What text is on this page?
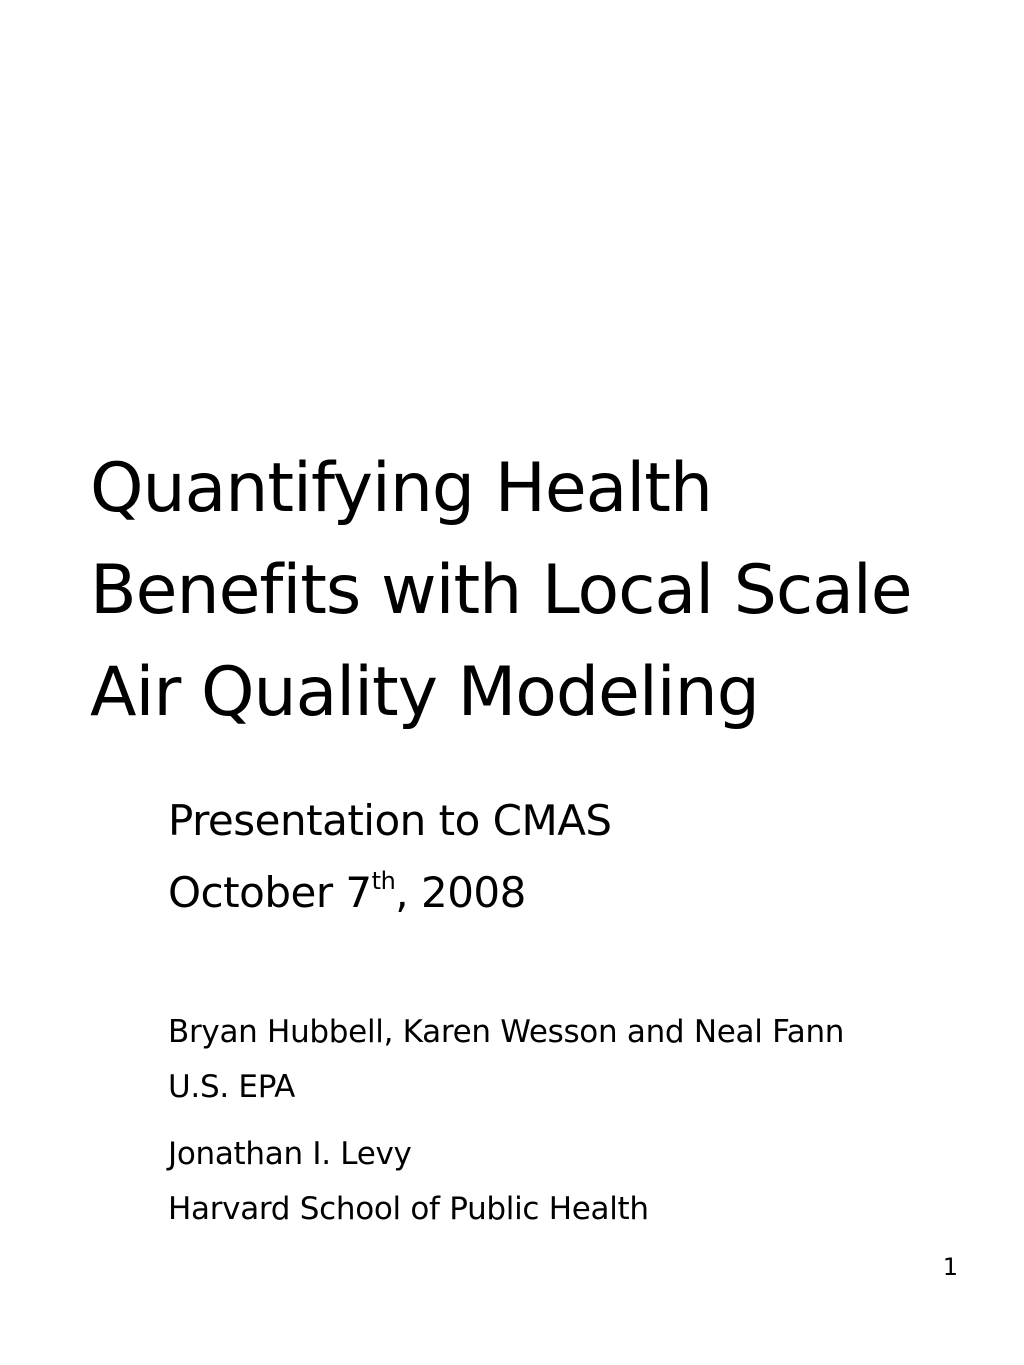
Quantifying Health
Benefits with Local Scale
Air Quality Modeling
Presentation to CMAS
October 7th, 2008
Bryan Hubbell, Karen Wesson and Neal Fann
U.S. EPA
Jonathan I. Levy
Harvard School of Public Health
1
